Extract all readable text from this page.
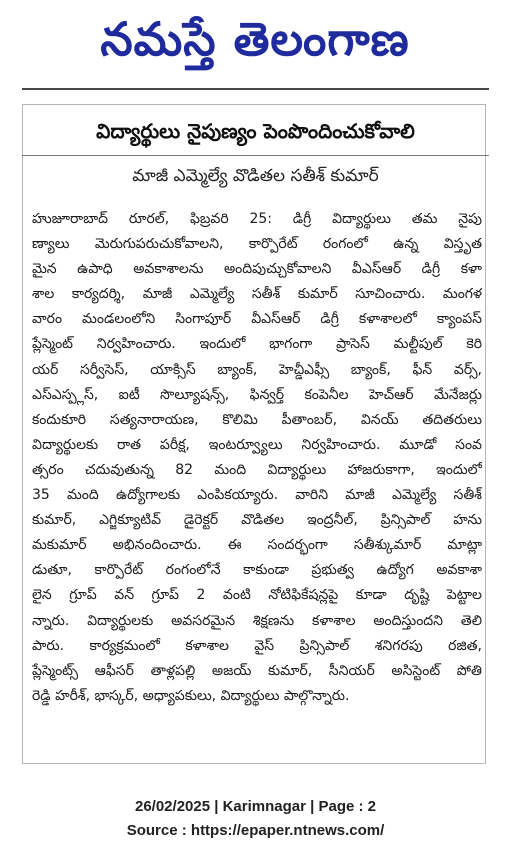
నమస్తే తెలంగాణ
విద్యార్థులు నైపుణ్యం పెంపొందించుకోవాలి
మాజీ ఎమ్మెల్యే వొడితల సతీశ్ కుమార్
హుజూరాబాద్ రూరల్, ఫిబ్రవరి 25: డిగ్రీ విద్యార్థులు తమ నైపు
ణ్యాలు మెరుగుపరుచుకోవాలని, కార్పొరేట్ రంగంలో ఉన్న విస్తృత
మైన ఉపాధి అవకాశాలను అందిపుచ్చుకోవాలని వీఎస్ఆర్ డిగ్రీ కళా
శాల కార్యదర్శి, మాజీ ఎమ్మెల్యే సతీశ్ కుమార్ సూచించారు. మంగళ
వారం మండలంలోని సింగాపూర్ వీఎస్ఆర్ డిగ్రీ కళాశాలలో క్యాంపస్
ప్లేస్మెంట్ నిర్వహించారు. ఇందులో భాగంగా ప్రాసెస్ మల్టీపుల్ కెరి
యర్ సర్వీసెస్, యాక్సిస్ బ్యాంక్, హెచ్డీఎఫ్సీ బ్యాంక్, ఫీన్ వర్స్,
ఎస్ఎస్ప్లస్, ఐటీ సొల్యూషన్స్, ఫిన్వర్త్ కంపెనీల హెచ్ఆర్ మేనేజర్లు
కందుకూరి సత్యనారాయణ, కొలిమి పీతాంబర్, వినయ్ తదితరులు
విద్యార్థులకు రాత పరీక్ష, ఇంటర్వ్యూలు నిర్వహించారు. మూడో సంవ
త్సరం చదువుతున్న 82 మంది విద్యార్థులు హాజరుకాగా, ఇందులో
35 మంది ఉద్యోగాలకు ఎంపికయ్యారు. వారిని మాజీ ఎమ్మెల్యే సతీశ్
కుమార్, ఎగ్జిక్యూటివ్ డైరెక్టర్ వొడితల ఇంద్రనీల్, ప్రిన్సిపాల్ హను
మకుమార్ అభినందించారు. ఈ సందర్భంగా సతీశ్కుమార్ మాట్లా
డుతూ, కార్పొరేట్ రంగంలోనే కాకుండా ప్రభుత్వ ఉద్యోగ అవకాశా
లైన గ్రూప్ వన్ గ్రూప్ 2 వంటి నోటిఫికేషన్లపై కూడా దృష్టి పెట్టాల
న్నారు. విద్యార్థులకు అవసరమైన శిక్షణను కళాశాల అందిస్తుందని తెలి
పారు. కార్యక్రమంలో కళాశాల వైస్ ప్రిన్సిపాల్ శనిగరపు రజిత,
ప్లేస్మెంట్స్ ఆఫీసర్ తాళ్లపల్లి అజయ్ కుమార్, సీనియర్ అసిస్టెంట్ పోతి
రెడ్డి హరీశ్, భాస్కర్, అధ్యాపకులు, విద్యార్థులు పాల్గొన్నారు.
26/02/2025 | Karimnagar | Page : 2
Source : https://epaper.ntnews.com/
